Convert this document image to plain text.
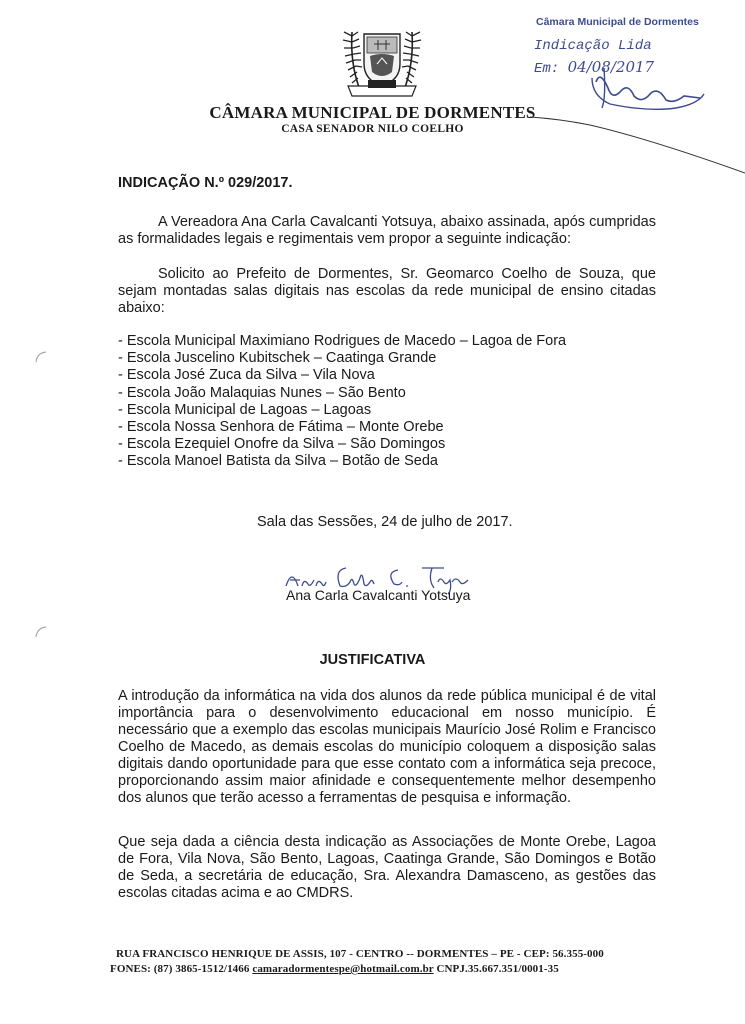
CÂMARA MUNICIPAL DE DORMENTES
CASA SENADOR NILO COELHO
Câmara Municipal de Dormentes
Indicação Lida
Em: 04/08/2017
INDICAÇÃO N.º 029/2017.
A Vereadora Ana Carla Cavalcanti Yotsuya, abaixo assinada, após cumpridas as formalidades legais e regimentais vem propor a seguinte indicação:
Solicito ao Prefeito de Dormentes, Sr. Geomarco Coelho de Souza, que sejam montadas salas digitais nas escolas da rede municipal de ensino citadas abaixo:
- Escola Municipal Maximiano Rodrigues de Macedo – Lagoa de Fora
- Escola Juscelino Kubitschek – Caatinga Grande
- Escola José Zuca da Silva – Vila Nova
- Escola João Malaquias Nunes – São Bento
- Escola Municipal de Lagoas – Lagoas
- Escola Nossa Senhora de Fátima – Monte Orebe
- Escola Ezequiel Onofre da Silva – São Domingos
- Escola Manoel Batista da Silva – Botão de Seda
Sala das Sessões, 24 de julho de 2017.
Ana Carla Cavalcanti Yotsuya
JUSTIFICATIVA
A introdução da informática na vida dos alunos da rede pública municipal é de vital importância para o desenvolvimento educacional em nosso município. É necessário que a exemplo das escolas municipais Maurício José Rolim e Francisco Coelho de Macedo, as demais escolas do município coloquem a disposição salas digitais dando oportunidade para que esse contato com a informática seja precoce, proporcionando assim maior afinidade e consequentemente melhor desempenho dos alunos que terão acesso a ferramentas de pesquisa e informação.
Que seja dada a ciência desta indicação as Associações de Monte Orebe, Lagoa de Fora, Vila Nova, São Bento, Lagoas, Caatinga Grande, São Domingos e Botão de Seda, a secretária de educação, Sra. Alexandra Damasceno, as gestões das escolas citadas acima e ao CMDRS.
RUA FRANCISCO HENRIQUE DE ASSIS, 107 - CENTRO -- DORMENTES – PE - CEP: 56.355-000
FONES: (87) 3865-1512/1466 camaradormentespe@hotmail.com.br CNPJ.35.667.351/0001-35
